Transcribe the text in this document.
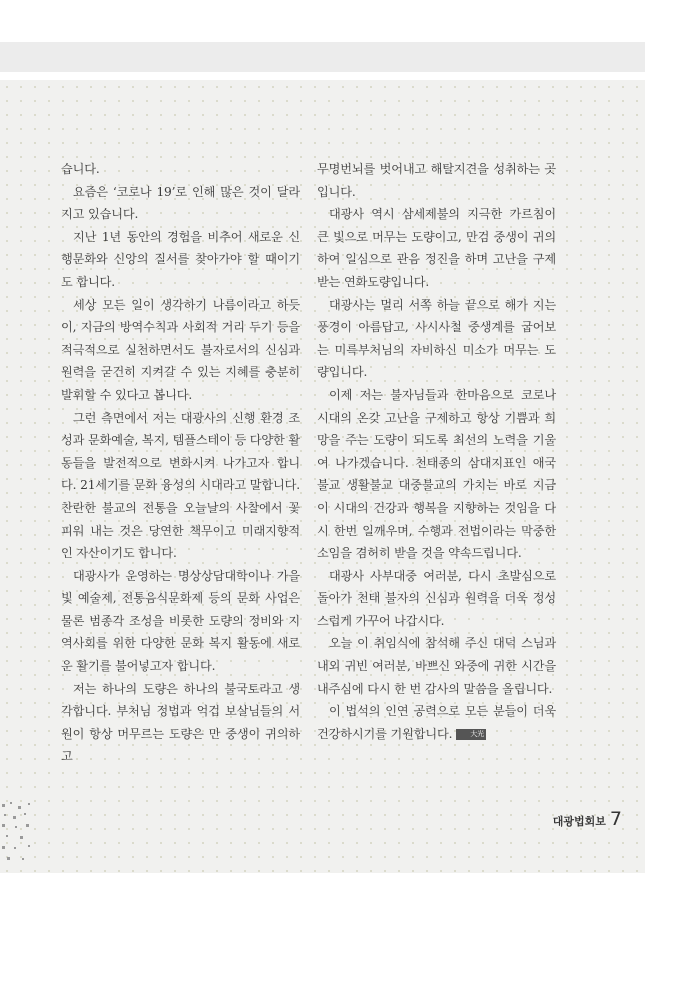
습니다.

요즘은 ‘코로나 19’로 인해 많은 것이 달라지고 있습니다.

지난 1년 동안의 경험을 비추어 새로운 신행문화와 신앙의 질서를 찾아가야 할 때이기도 합니다.

세상 모든 일이 생각하기 나름이라고 하듯이, 지금의 방역수칙과 사회적 거리 두기 등을 적극적으로 실천하면서도 불자로서의 신심과 원력을 굳건히 지켜갈 수 있는 지혜를 충분히 발휘할 수 있다고 봅니다.

그런 측면에서 저는 대광사의 신행 환경 조성과 문화예술, 복지, 템플스테이 등 다양한 활동들을 발전적으로 변화시켜 나가고자 합니다. 21세기를 문화 융성의 시대라고 말합니다. 찬란한 불교의 전통을 오늘날의 사찰에서 꽃피워 내는 것은 당연한 책무이고 미래지향적인 자산이기도 합니다.

대광사가 운영하는 명상상담대학이나 가을빛 예술제, 전통음식문화제 등의 문화 사업은 물론 범종각 조성을 비롯한 도량의 정비와 지역사회를 위한 다양한 문화 복지 활동에 새로운 활기를 불어넣고자 합니다.

저는 하나의 도량은 하나의 불국토라고 생각합니다. 부처님 정법과 억겁 보살님들의 서원이 항상 머무르는 도량은 만 중생이 귀의하고

무명번뇌를 벗어내고 해탈지견을 성취하는 곳입니다.

대광사 역시 삼세제불의 지극한 가르침이 큰 빛으로 머무는 도량이고, 만검 중생이 귀의하여 일심으로 관음 정진을 하며 고난을 구제받는 연화도량입니다.

대광사는 멀리 서쪽 하늘 끝으로 해가 지는 풍경이 아름답고, 사시사철 중생계를 굽어보는 미륵부처님의 자비하신 미소가 머무는 도량입니다.

이제 저는 불자님들과 한마음으로 코로나 시대의 온갖 고난을 구제하고 항상 기쁨과 희망을 주는 도량이 되도록 최선의 노력을 기울여 나가겠습니다. 천태종의 삼대지표인 애국불교 생활불교 대중불교의 가치는 바로 지금 이 시대의 건강과 행복을 지향하는 것임을 다시 한번 일깨우며, 수행과 전법이라는 막중한 소임을 겸허히 받을 것을 약속드립니다.

대광사 사부대중 여러분, 다시 초발심으로 돌아가 천태 불자의 신심과 원력을 더욱 정성스럽게 가꾸어 나갑시다.

오늘 이 취임식에 참석해 주신 대덕 스님과 내외 귀빈 여러분, 바쁘신 와중에 귀한 시간을 내주심에 다시 한 번 감사의 말씀을 올립니다.

이 법석의 인연 공력으로 모든 분들이 더욱 건강하시기를 기원합니다.	大光

대광법회보 7
